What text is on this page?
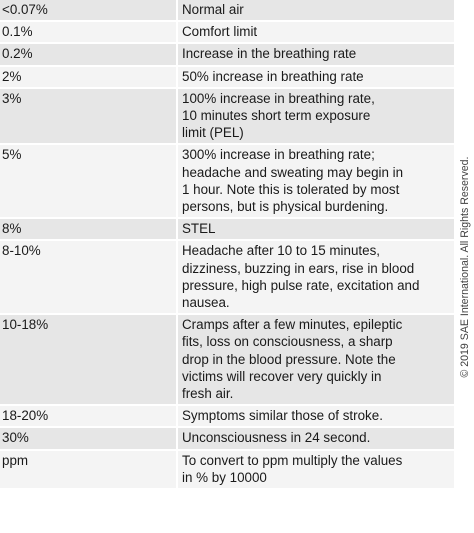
<0.07%	Normal air
0.1%	Comfort limit
0.2%	Increase in the breathing rate
2%	50% increase in breathing rate
3%	100% increase in breathing rate,
10 minutes short term exposure
limit (PEL)
5%	300% increase in breathing rate;
headache and sweating may begin in
1 hour. Note this is tolerated by most
persons, but is physical burdening.
8%	STEL
8-10%	Headache after 10 to 15 minutes,
dizziness, buzzing in ears, rise in blood
pressure, high pulse rate, excitation and
nausea.
10-18%	Cramps after a few minutes, epileptic
fits, loss on consciousness, a sharp
drop in the blood pressure. Note the
victims will recover very quickly in
fresh air.
18-20%	Symptoms similar those of stroke.
30%	Unconsciousness in 24 second.
ppm	To convert to ppm multiply the values
in % by 10000
© 2019 SAE International. All Rights Reserved.
